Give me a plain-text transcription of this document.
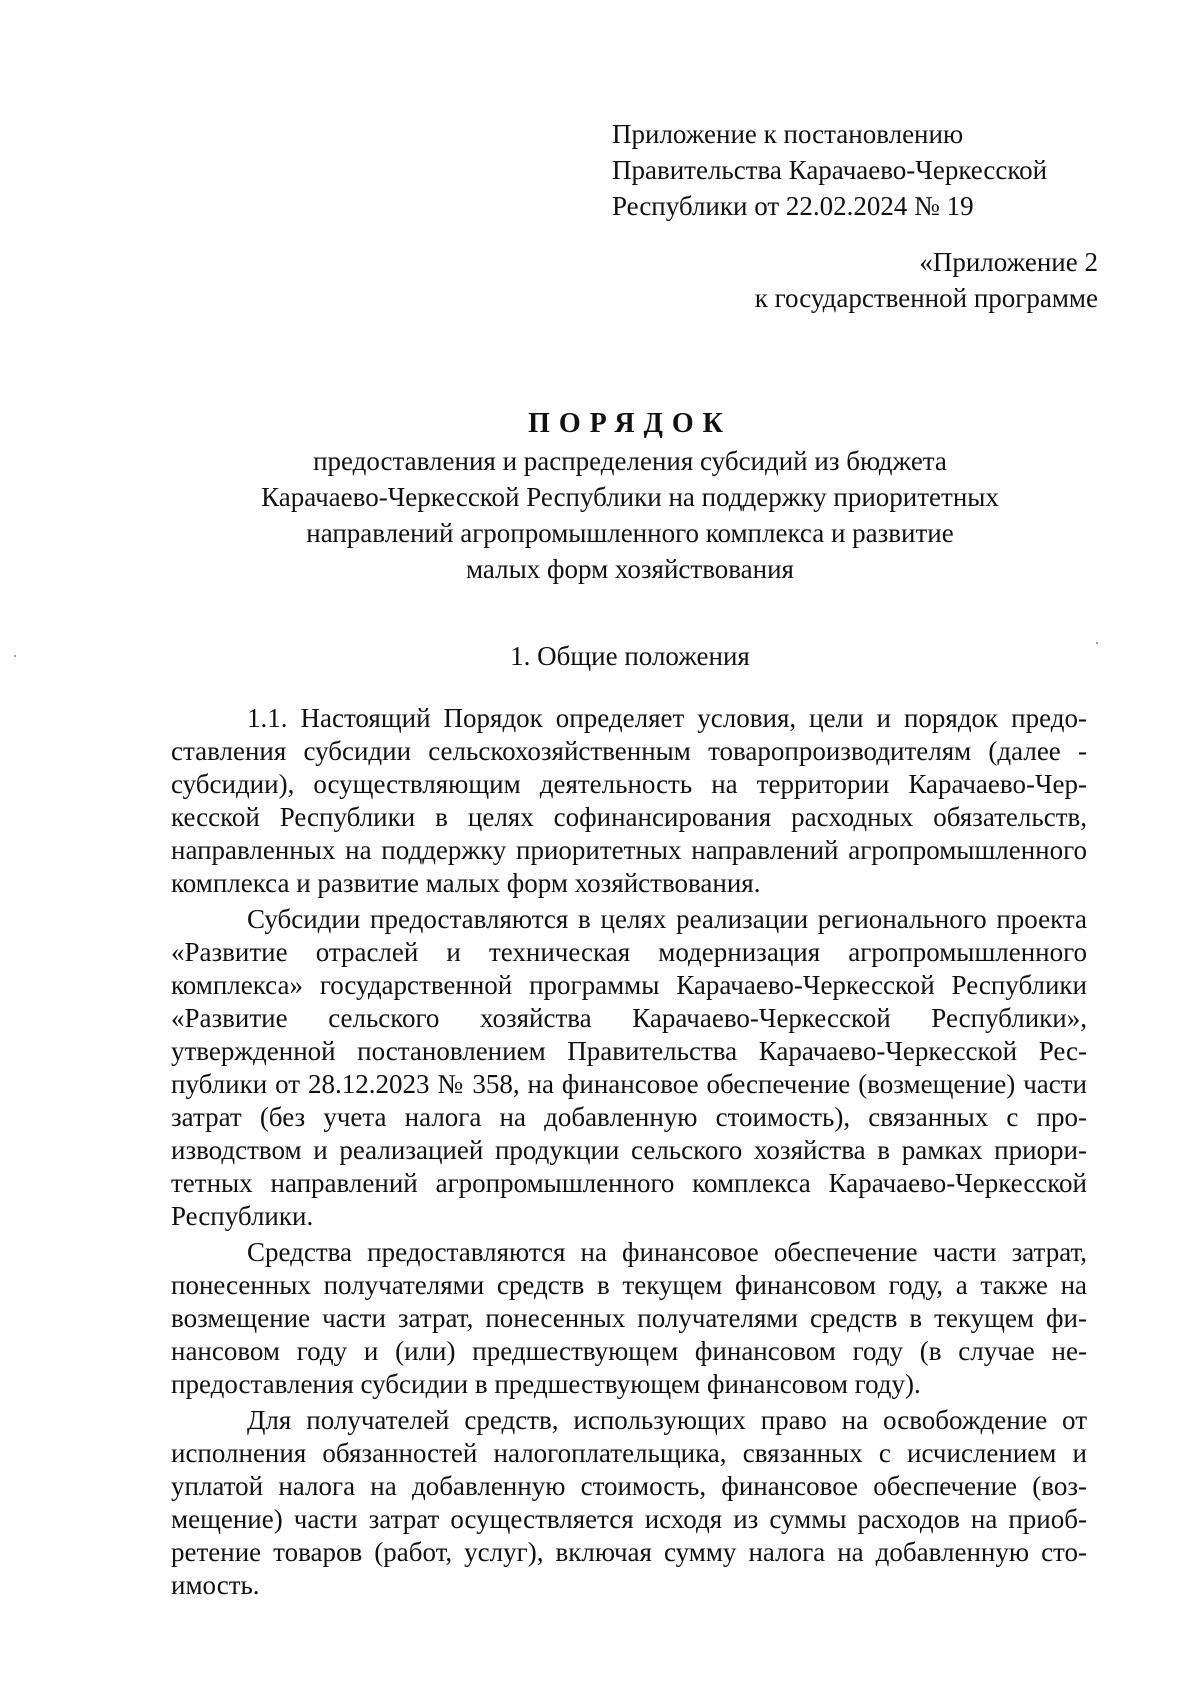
Приложение к постановлению
Правительства Карачаево-Черкесской
Республики от 22.02.2024 № 19
«Приложение 2
к государственной программе
ПОРЯДОК
предоставления и распределения субсидий из бюджета
Карачаево-Черкесской Республики на поддержку приоритетных
направлений агропромышленного комплекса и развитие
малых форм хозяйствования
1. Общие положения

1.1. Настоящий Порядок определяет условия, цели и порядок предоставления субсидии сельскохозяйственным товаропроизводителям (далее - субсидии), осуществляющим деятельность на территории Карачаево-Черкесской Республики в целях софинансирования расходных обязательств, направленных на поддержку приоритетных направлений агропромышленного комплекса и развитие малых форм хозяйствования.

Субсидии предоставляются в целях реализации регионального проекта «Развитие отраслей и техническая модернизация агропромышленного комплекса» государственной программы Карачаево-Черкесской Республики «Развитие сельского хозяйства Карачаево-Черкесской Республики», утвержденной постановлением Правительства Карачаево-Черкесской Республики от 28.12.2023 № 358, на финансовое обеспечение (возмещение) части затрат (без учета налога на добавленную стоимость), связанных с производством и реализацией продукции сельского хозяйства в рамках приоритетных направлений агропромышленного комплекса Карачаево-Черкесской Республики.

Средства предоставляются на финансовое обеспечение части затрат, понесенных получателями средств в текущем финансовом году, а также на возмещение части затрат, понесенных получателями средств в текущем финансовом году и (или) предшествующем финансовом году (в случае непредоставления субсидии в предшествующем финансовом году).

Для получателей средств, использующих право на освобождение от исполнения обязанностей налогоплательщика, связанных с исчислением и уплатой налога на добавленную стоимость, финансовое обеспечение (возмещение) части затрат осуществляется исходя из суммы расходов на приобретение товаров (работ, услуг), включая сумму налога на добавленную стоимость.
